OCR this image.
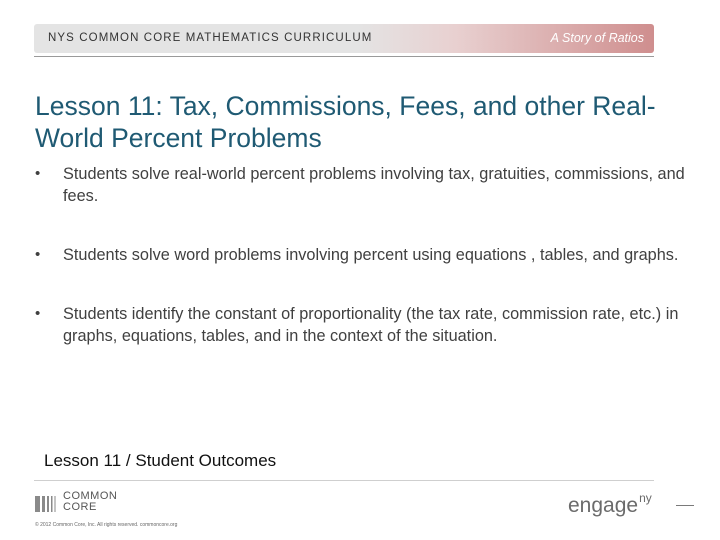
NYS COMMON CORE MATHEMATICS CURRICULUM	A Story of Ratios
Lesson 11: Tax, Commissions, Fees, and other Real-World Percent Problems
• Students solve real-world percent problems involving tax, gratuities, commissions, and fees.
• Students solve word problems involving percent using equations , tables, and graphs.
• Students identify the constant of proportionality (the tax rate, commission rate, etc.) in graphs, equations, tables, and in the context of the situation.
Lesson 11 / Student Outcomes
COMMON
CORE
© 2012 Common Core, Inc. All rights reserved. commoncore.org
engage$^{ny}$
